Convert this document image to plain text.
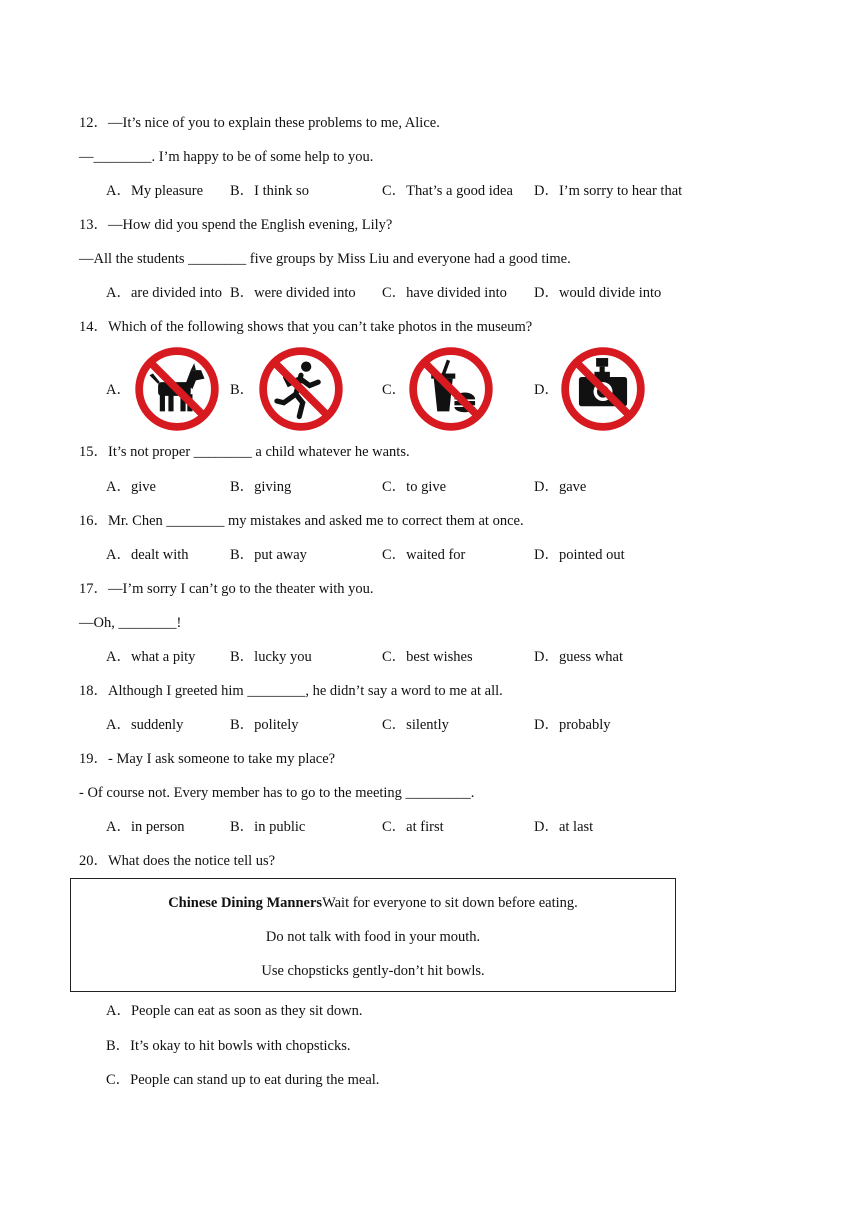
12．—It’s nice of you to explain these problems to me, Alice.
—________. I’m happy to be of some help to you.
A．My pleasure B．I think so	C．That’s a good idea D．I’m sorry to hear that
13．—How did you spend the English evening, Lily?
—All the students ________ five groups by Miss Liu and everyone had a good time.
A．are divided into B．were divided into C．have divided into D．would divide into
14．Which of the following shows that you can’t take photos in the museum?
A．	B．	C．	D．
15．It’s not proper ________ a child whatever he wants.
A．give	B．giving	C．to give	D．gave
16．Mr. Chen ________ my mistakes and asked me to correct them at once.
A．dealt with	B．put away	C．waited for	D．pointed out
17．—I’m sorry I can’t go to the theater with you.
—Oh, ________!
A．what a pity B．lucky you	C．best wishes	D．guess what
18．Although I greeted him ________, he didn’t say a word to me at all.
A．suddenly	B．politely	C．silently	D．probably
19．- May I ask someone to take my place?
- Of course not. Every member has to go to the meeting _________.
A．in person	B．in public	C．at first	D．at last
20．What does the notice tell us?
Chinese Dining MannersWait for everyone to sit down before eating.
Do not talk with food in your mouth.
Use chopsticks gently-don’t hit bowls.
A．People can eat as soon as they sit down.
B．It’s okay to hit bowls with chopsticks.
C．People can stand up to eat during the meal.
